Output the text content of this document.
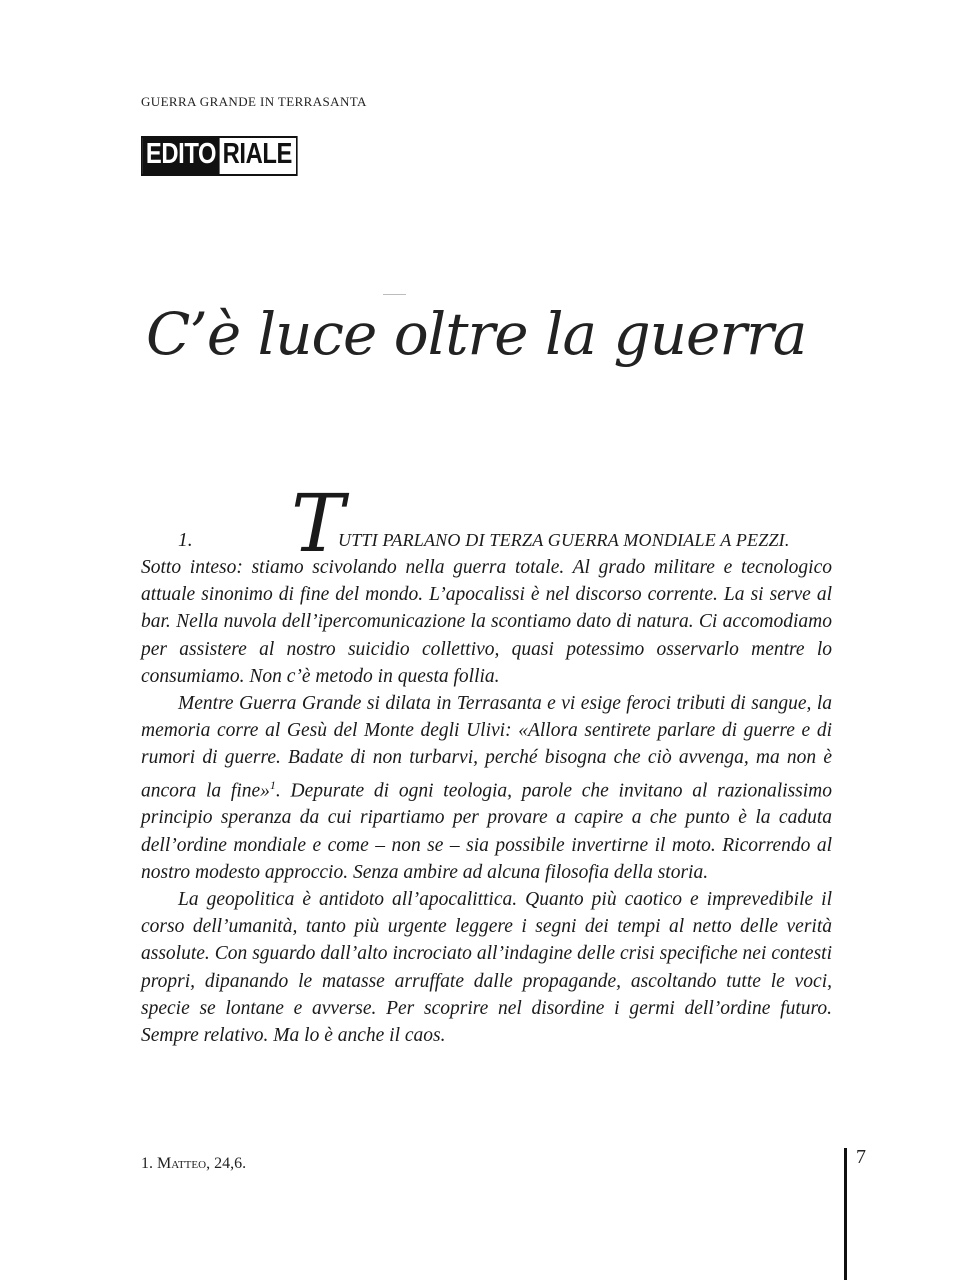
GUERRA GRANDE IN TERRASANTA
EDITO RIALE
C’è luce oltre la guerra
1. T
UTTI PARLANO DI TERZA GUERRA MONDIALE A PEZZI.

Sotto inteso: stiamo scivolando nella guerra totale. Al grado militare e tecnologico attuale sinonimo di fine del mondo. L’apocalissi è nel discorso corrente. La si serve al bar. Nella nuvola dell’ipercomunicazione la scontiamo dato di natura. Ci accomodiamo per assistere al nostro suicidio collettivo, quasi potessimo osservarlo mentre lo consumiamo. Non c’è metodo in questa follia.

Mentre Guerra Grande si dilata in Terrasanta e vi esige feroci tributi di sangue, la memoria corre al Gesù del Monte degli Ulivi: «Allora sentirete parlare di guerre e di rumori di guerre. Badate di non turbarvi, perché bisogna che ciò avvenga, ma non è ancora la fine»$^1$. Depurate di ogni teologia, parole che invitano al razionalissimo principio speranza da cui ripartiamo per provare a capire a che punto è la caduta dell’ordine mondiale e come – non se – sia possibile invertirne il moto. Ricorrendo al nostro modesto approccio. Senza ambire ad alcuna filosofia della storia.

La geopolitica è antidoto all’apocalittica. Quanto più caotico e imprevedibile il corso dell’umanità, tanto più urgente leggere i segni dei tempi al netto delle verità assolute. Con sguardo dall’alto incrociato all’indagine delle crisi specifiche nei contesti propri, dipanando le matasse arruffate dalle propagande, ascoltando tutte le voci, specie se lontane e avverse. Per scoprire nel disordine i germi dell’ordine futuro. Sempre relativo. Ma lo è anche il caos.

1. Matteo, 24,6.	7
